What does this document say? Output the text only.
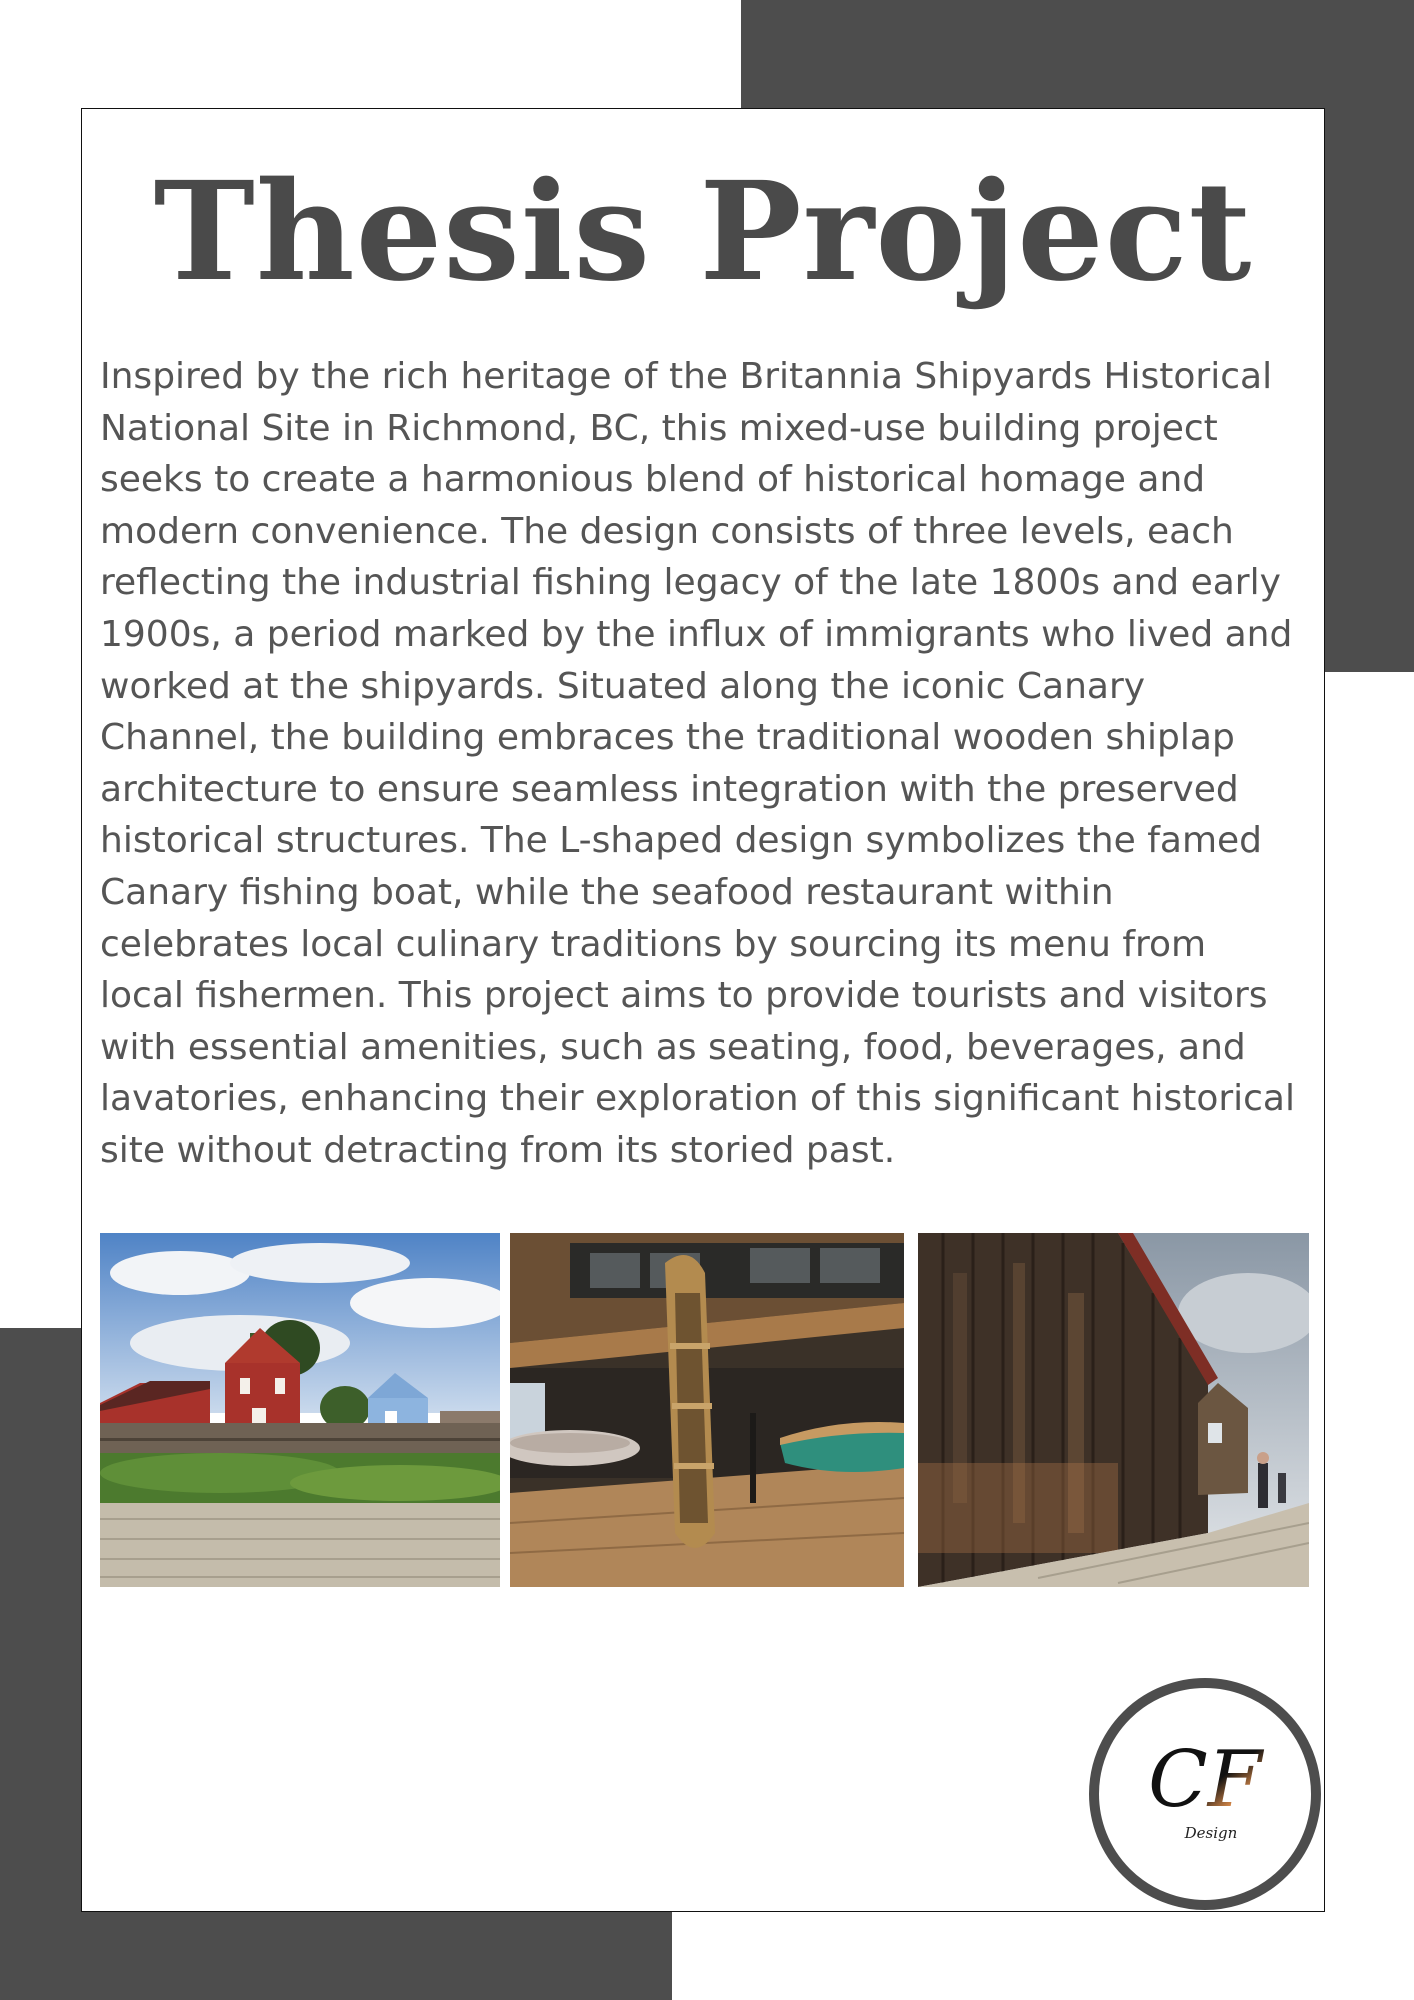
Thesis Project

Inspired by the rich heritage of the Britannia Shipyards Historical
National Site in Richmond, BC, this mixed-use building project
seeks to create a harmonious blend of historical homage and
modern convenience. The design consists of three levels, each
reflecting the industrial fishing legacy of the late 1800s and early
1900s, a period marked by the influx of immigrants who lived and
worked at the shipyards. Situated along the iconic Canary
Channel, the building embraces the traditional wooden shiplap
architecture to ensure seamless integration with the preserved
historical structures. The L-shaped design symbolizes the famed
Canary fishing boat, while the seafood restaurant within
celebrates local culinary traditions by sourcing its menu from
local fishermen. This project aims to provide tourists and visitors
with essential amenities, such as seating, food, beverages, and
lavatories, enhancing their exploration of this significant historical
site without detracting from its storied past.

CF
Design
